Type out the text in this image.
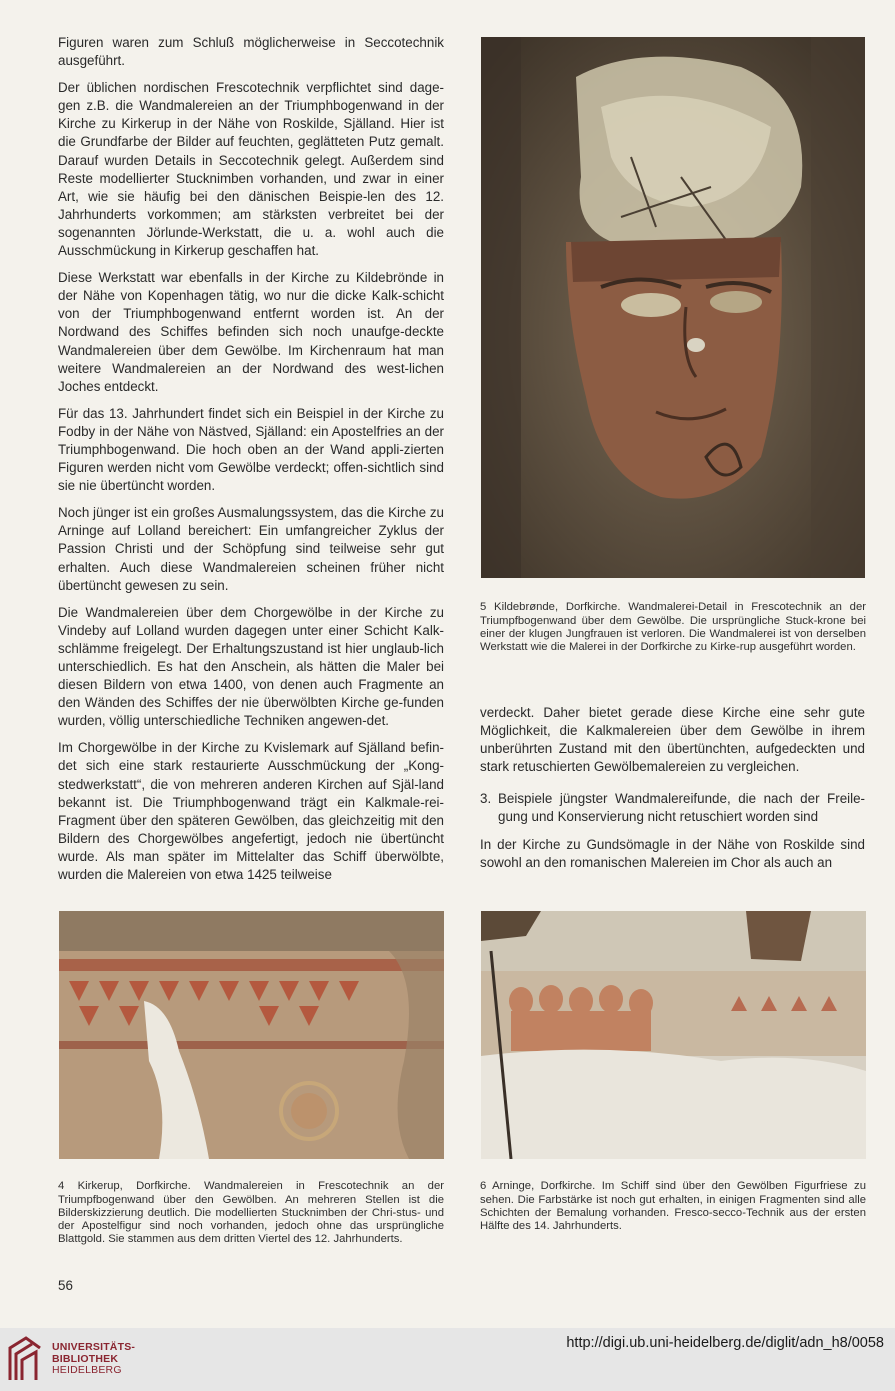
Figuren waren zum Schluß möglicherweise in Seccotechnik ausgeführt.

Der üblichen nordischen Frescotechnik verpflichtet sind dage-gen z.B. die Wandmalereien an der Triumphbogenwand in der Kirche zu Kirkerup in der Nähe von Roskilde, Själland. Hier ist die Grundfarbe der Bilder auf feuchten, geglätteten Putz gemalt. Darauf wurden Details in Seccotechnik gelegt. Außerdem sind Reste modellierter Stucknimben vorhanden, und zwar in einer Art, wie sie häufig bei den dänischen Beispie-len des 12. Jahrhunderts vorkommen; am stärksten verbreitet bei der sogenannten Jörlunde-Werkstatt, die u. a. wohl auch die Ausschmückung in Kirkerup geschaffen hat.

Diese Werkstatt war ebenfalls in der Kirche zu Kildebrönde in der Nähe von Kopenhagen tätig, wo nur die dicke Kalk-schicht von der Triumphbogenwand entfernt worden ist. An der Nordwand des Schiffes befinden sich noch unaufge-deckte Wandmalereien über dem Gewölbe. Im Kirchenraum hat man weitere Wandmalereien an der Nordwand des west-lichen Joches entdeckt.

Für das 13. Jahrhundert findet sich ein Beispiel in der Kirche zu Fodby in der Nähe von Nästved, Själland: ein Apostelfries an der Triumphbogenwand. Die hoch oben an der Wand appli-zierten Figuren werden nicht vom Gewölbe verdeckt; offen-sichtlich sind sie nie übertüncht worden.

Noch jünger ist ein großes Ausmalungssystem, das die Kirche zu Arninge auf Lolland bereichert: Ein umfangreicher Zyklus der Passion Christi und der Schöpfung sind teilweise sehr gut erhalten. Auch diese Wandmalereien scheinen früher nicht übertüncht gewesen zu sein.

Die Wandmalereien über dem Chorgewölbe in der Kirche zu Vindeby auf Lolland wurden dagegen unter einer Schicht Kalk-schlämme freigelegt. Der Erhaltungszustand ist hier unglaub-lich unterschiedlich. Es hat den Anschein, als hätten die Maler bei diesen Bildern von etwa 1400, von denen auch Fragmente an den Wänden des Schiffes der nie überwölbten Kirche ge-funden wurden, völlig unterschiedliche Techniken angewen-det.

Im Chorgewölbe in der Kirche zu Kvislemark auf Själland befin-det sich eine stark restaurierte Ausschmückung der „Kong-stedwerkstatt“, die von mehreren anderen Kirchen auf Själ-land bekannt ist. Die Triumphbogenwand trägt ein Kalkmale-rei-Fragment über den späteren Gewölben, das gleichzeitig mit den Bildern des Chorgewölbes angefertigt, jedoch nie übertüncht wurde. Als man später im Mittelalter das Schiff überwölbte, wurden die Malereien von etwa 1425 teilweise

5 Kildebrønde, Dorfkirche. Wandmalerei-Detail in Frescotechnik an der Triumpfbogenwand über dem Gewölbe. Die ursprüngliche Stuck-krone bei einer der klugen Jungfrauen ist verloren. Die Wandmalerei ist von derselben Werkstatt wie die Malerei in der Dorfkirche zu Kirke-rup ausgeführt worden.

verdeckt. Daher bietet gerade diese Kirche eine sehr gute Möglichkeit, die Kalkmalereien über dem Gewölbe in ihrem unberührten Zustand mit den übertünchten, aufgedeckten und stark retuschierten Gewölbemalereien zu vergleichen.

3. Beispiele jüngster Wandmalereifunde, die nach der Freile-gung und Konservierung nicht retuschiert worden sind

In der Kirche zu Gundsömagle in der Nähe von Roskilde sind sowohl an den romanischen Malereien im Chor als auch an

4 Kirkerup, Dorfkirche. Wandmalereien in Frescotechnik an der Triumpfbogenwand über den Gewölben. An mehreren Stellen ist die Bilderskizzierung deutlich. Die modellierten Stucknimben der Chri-stus- und der Apostelfigur sind noch vorhanden, jedoch ohne das ursprüngliche Blattgold. Sie stammen aus dem dritten Viertel des 12. Jahrhunderts.

6 Arninge, Dorfkirche. Im Schiff sind über den Gewölben Figurfriese zu sehen. Die Farbstärke ist noch gut erhalten, in einigen Fragmenten sind alle Schichten der Bemalung vorhanden. Fresco-secco-Technik aus der ersten Hälfte des 14. Jahrhunderts.

56
UNIVERSITÄTS-
BIBLIOTHEK
HEIDELBERG
http://digi.ub.uni-heidelberg.de/diglit/adn_h8/0058
